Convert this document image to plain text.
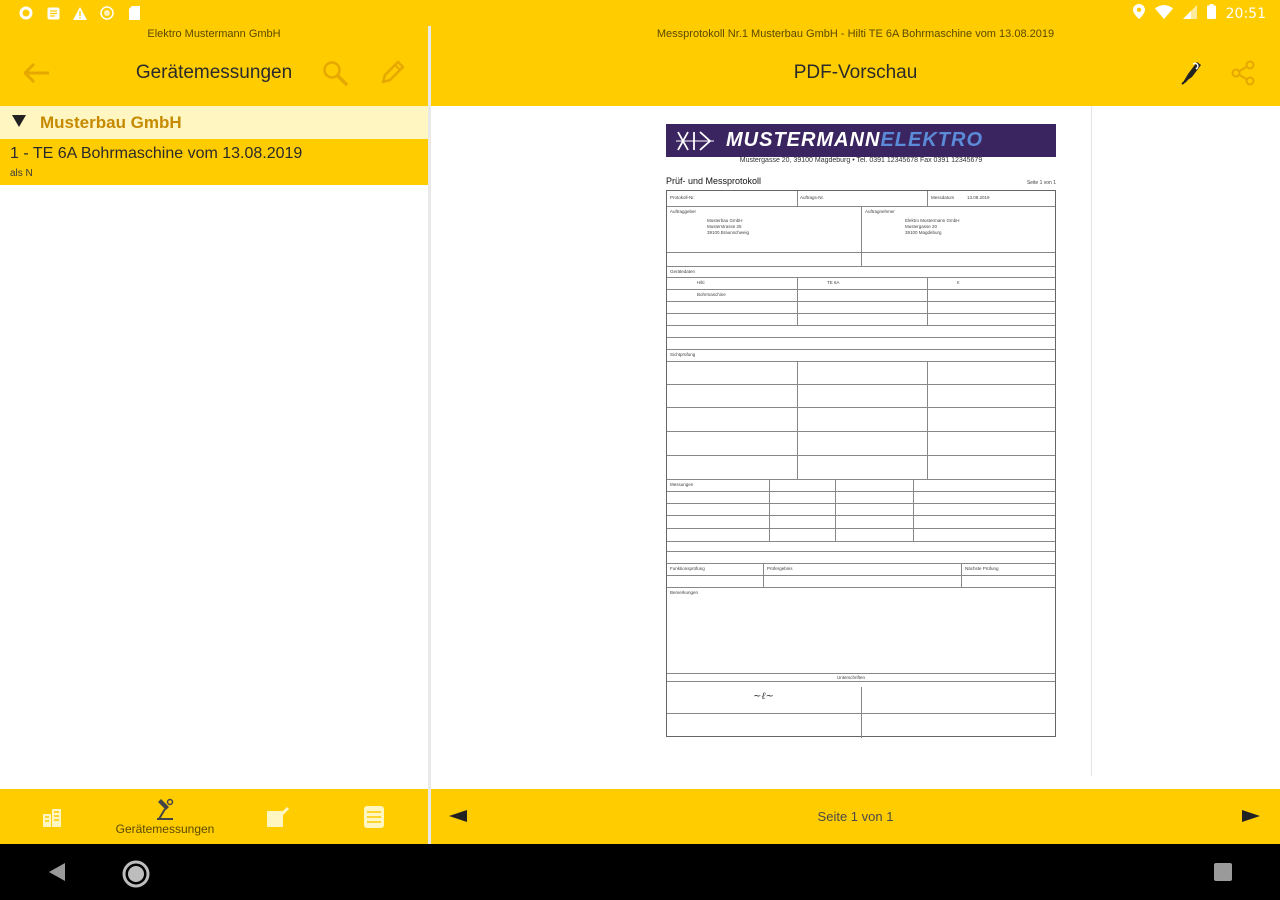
20:51
Elektro Mustermann GmbH
Gerätemessungen
Messprotokoll Nr.1 Musterbau GmbH - Hilti TE 6A Bohrmaschine vom 13.08.2019
PDF-Vorschau
Musterbau GmbH
1 - TE 6A Bohrmaschine vom 13.08.2019
als N
MUSTERMANNELEKTRO
Mustergasse 20, 39100 Magdeburg • Tel. 0391 12345678 Fax 0391 12345679
Prüf- und Messprotokoll	Seite 1 von 1
Protokoll-Nr.	Auftrags-Nr.	Messdatum	13.08.2019
Auftraggeber
Musterbau GmbH
Musterstrasse 25
39100 Braunschweig
Auftragnehmer
Elektro Mustermann GmbH
Mustergasse 20
39100 Magdeburg
Gerätedaten
Hilti	TE 6A	II
Bohrmaschine
Sichtprüfung
Messungen
Funktionsprüfung	Prüfergebnis	Nächste Prüfung
Bemerkungen
Unterschriften
~ℓ~
Gerätemessungen
Seite 1 von 1
